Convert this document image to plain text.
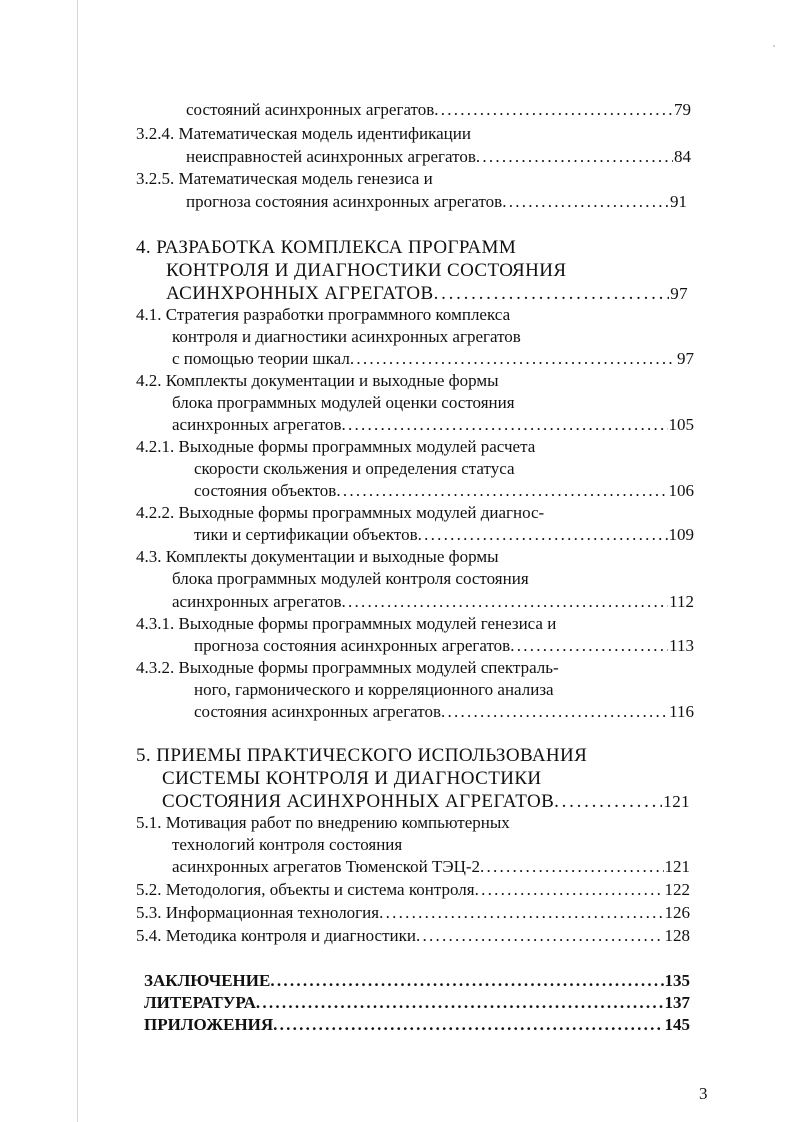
состояний асинхронных агрегатов . . .	79
3.2.4. Математическая модель идентификации
неисправностей асинхронных агрегатов . . .	84
3.2.5. Математическая модель генезиса и
прогноза состояния асинхронных агрегатов . . .	91
4. РАЗРАБОТКА КОМПЛЕКСА ПРОГРАММ
КОНТРОЛЯ И ДИАГНОСТИКИ СОСТОЯНИЯ
АСИНХРОННЫХ АГРЕГАТОВ . . .	97
4.1. Стратегия разработки программного комплекса
контроля и диагностики асинхронных агрегатов
с помощью теории шкал . . .	97
4.2. Комплекты документации и выходные формы
блока программных модулей оценки состояния
асинхронных агрегатов . . .	105
4.2.1. Выходные формы программных модулей расчета
скорости скольжения и определения статуса
состояния объектов . . .	106
4.2.2. Выходные формы программных модулей диагнос-
тики и сертификации объектов . . .	109
4.3. Комплекты документации и выходные формы
блока программных модулей контроля состояния
асинхронных агрегатов . . .	112
4.3.1. Выходные формы программных модулей генезиса и
прогноза состояния асинхронных агрегатов . . .	113
4.3.2. Выходные формы программных модулей спектраль-
ного, гармонического и корреляционного анализа
состояния асинхронных агрегатов . . .	116
5. ПРИЕМЫ ПРАКТИЧЕСКОГО ИСПОЛЬЗОВАНИЯ
СИСТЕМЫ КОНТРОЛЯ И ДИАГНОСТИКИ
СОСТОЯНИЯ АСИНХРОННЫХ АГРЕГАТОВ . . .	121
5.1. Мотивация работ по внедрению компьютерных
технологий контроля состояния
асинхронных агрегатов Тюменской ТЭЦ-2 . . .	121
5.2. Методология, объекты и система контроля . . .	122
5.3. Информационная технология . . .	126
5.4. Методика контроля и диагностики . . .	128
ЗАКЛЮЧЕНИЕ . . .	135
ЛИТЕРАТУРА . . .	137
ПРИЛОЖЕНИЯ . . .	145
3
